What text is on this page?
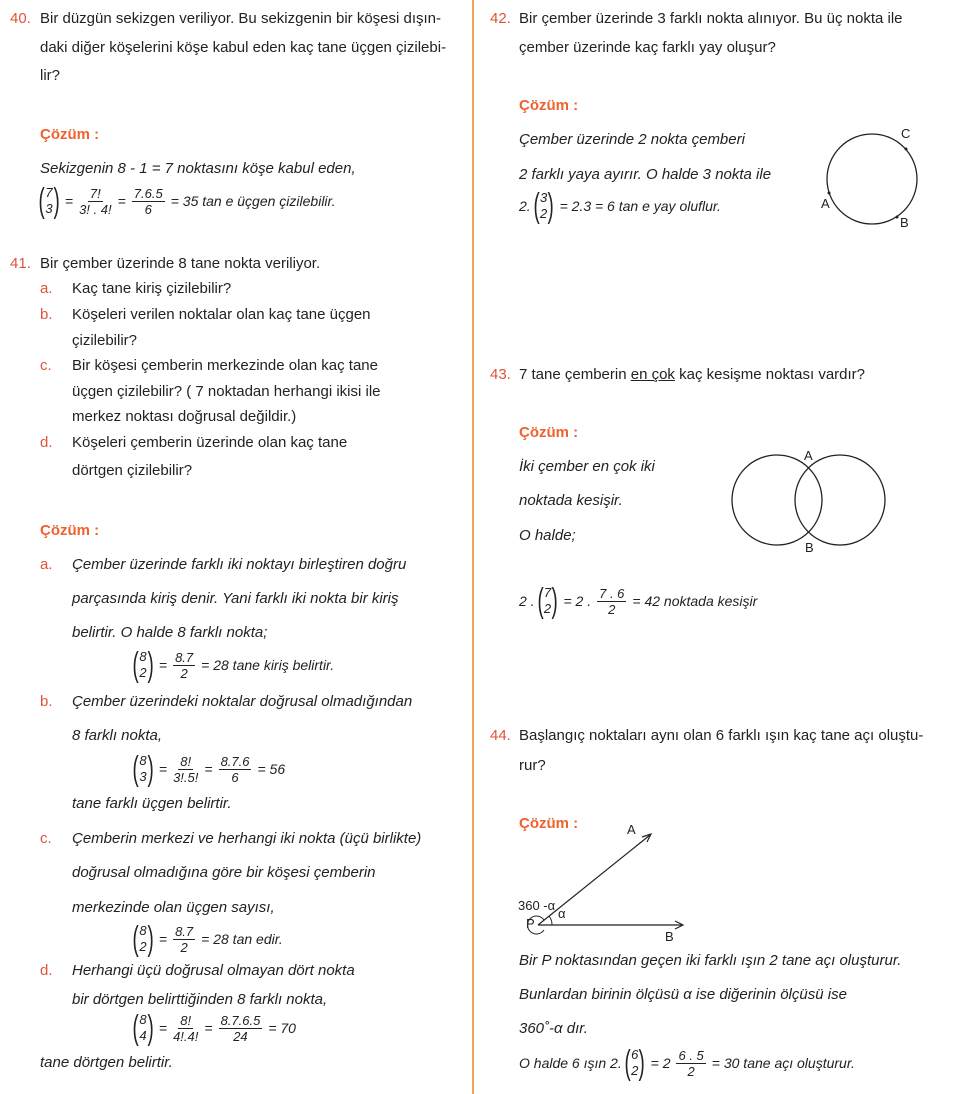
40. Bir düzgün sekizgen veriliyor. Bu sekizgenin bir köşesi dışın-
daki diğer köşelerini köşe kabul eden kaç tane üçgen çizilebi-
lir?
Çözüm :
Sekizgenin 8 - 1 = 7 noktasını köşe kabul eden,
( 7
3 ) = $\frac{7!}{3! . 4!} = \frac{7.6.5}{6} = 35$ tan e üçgen çizilebilir.
41. Bir çember üzerinde 8 tane nokta veriliyor.
a. Kaç tane kiriş çizilebilir?
b. Köşeleri verilen noktalar olan kaç tane üçgen
çizilebilir?
c. Bir köşesi çemberin merkezinde olan kaç tane
üçgen çizilebilir? ( 7 noktadan herhangi ikisi ile
merkez noktası doğrusal değildir.)
d. Köşeleri çemberin üzerinde olan kaç tane
dörtgen çizilebilir?
Çözüm :
a. Çember üzerinde farklı iki noktayı birleştiren doğru
parçasında kiriş denir. Yani farklı iki nokta bir kiriş
belirtir. O halde 8 farklı nokta;
( 8
2 ) = $\frac{8.7}{2} = 28$ tane kiriş belirtir.
b. Çember üzerindeki noktalar doğrusal olmadığından
8 farklı nokta,
( 8
3 ) = $\frac{8!}{3!.5!} = \frac{8.7.6}{6} = 56$
tane farklı üçgen belirtir.
c. Çemberin merkezi ve herhangi iki nokta (üçü birlikte)
doğrusal olmadığına göre bir köşesi çemberin
merkezinde olan üçgen sayısı,
( 8
2 ) = $\frac{8.7}{2} = 28$ tan edir.
d. Herhangi üçü doğrusal olmayan dört nokta
bir dörtgen belirttiğinden 8 farklı nokta,
( 8
4 ) = $\frac{8!}{4!.4!} = \frac{8.7.6.5}{24} = 70$
tane dörtgen belirtir.
42. Bir çember üzerinde 3 farklı nokta alınıyor. Bu üç nokta ile
çember üzerinde kaç farklı yay oluşur?
Çözüm :
Çember üzerinde 2 nokta çemberi
2 farklı yaya ayırır. O halde 3 nokta ile
2. ( 3
2 ) = 2.3 = 6 tan e yay oluflur.
C
A
B
43. 7 tane çemberin en çok kaç kesişme noktası vardır?
Çözüm :
İki çember en çok iki
noktada kesişir.
O halde;
A
B
2 . ( 7
2 ) = 2 . $\frac{7 . 6}{2} = 42$ noktada kesişir
44. Başlangıç noktaları aynı olan 6 farklı ışın kaç tane açı oluştu-
rur?
Çözüm :	A
B
P
360 -α
α
Bir P noktasından geçen iki farklı ışın 2 tane açı oluşturur.
Bunlardan birinin ölçüsü α ise diğerinin ölçüsü ise
360˚-α dır.
O halde 6 ışın 2. ( 6
2 ) = $2 \frac{6 . 5}{2} = 30$ tane açı oluşturur.
